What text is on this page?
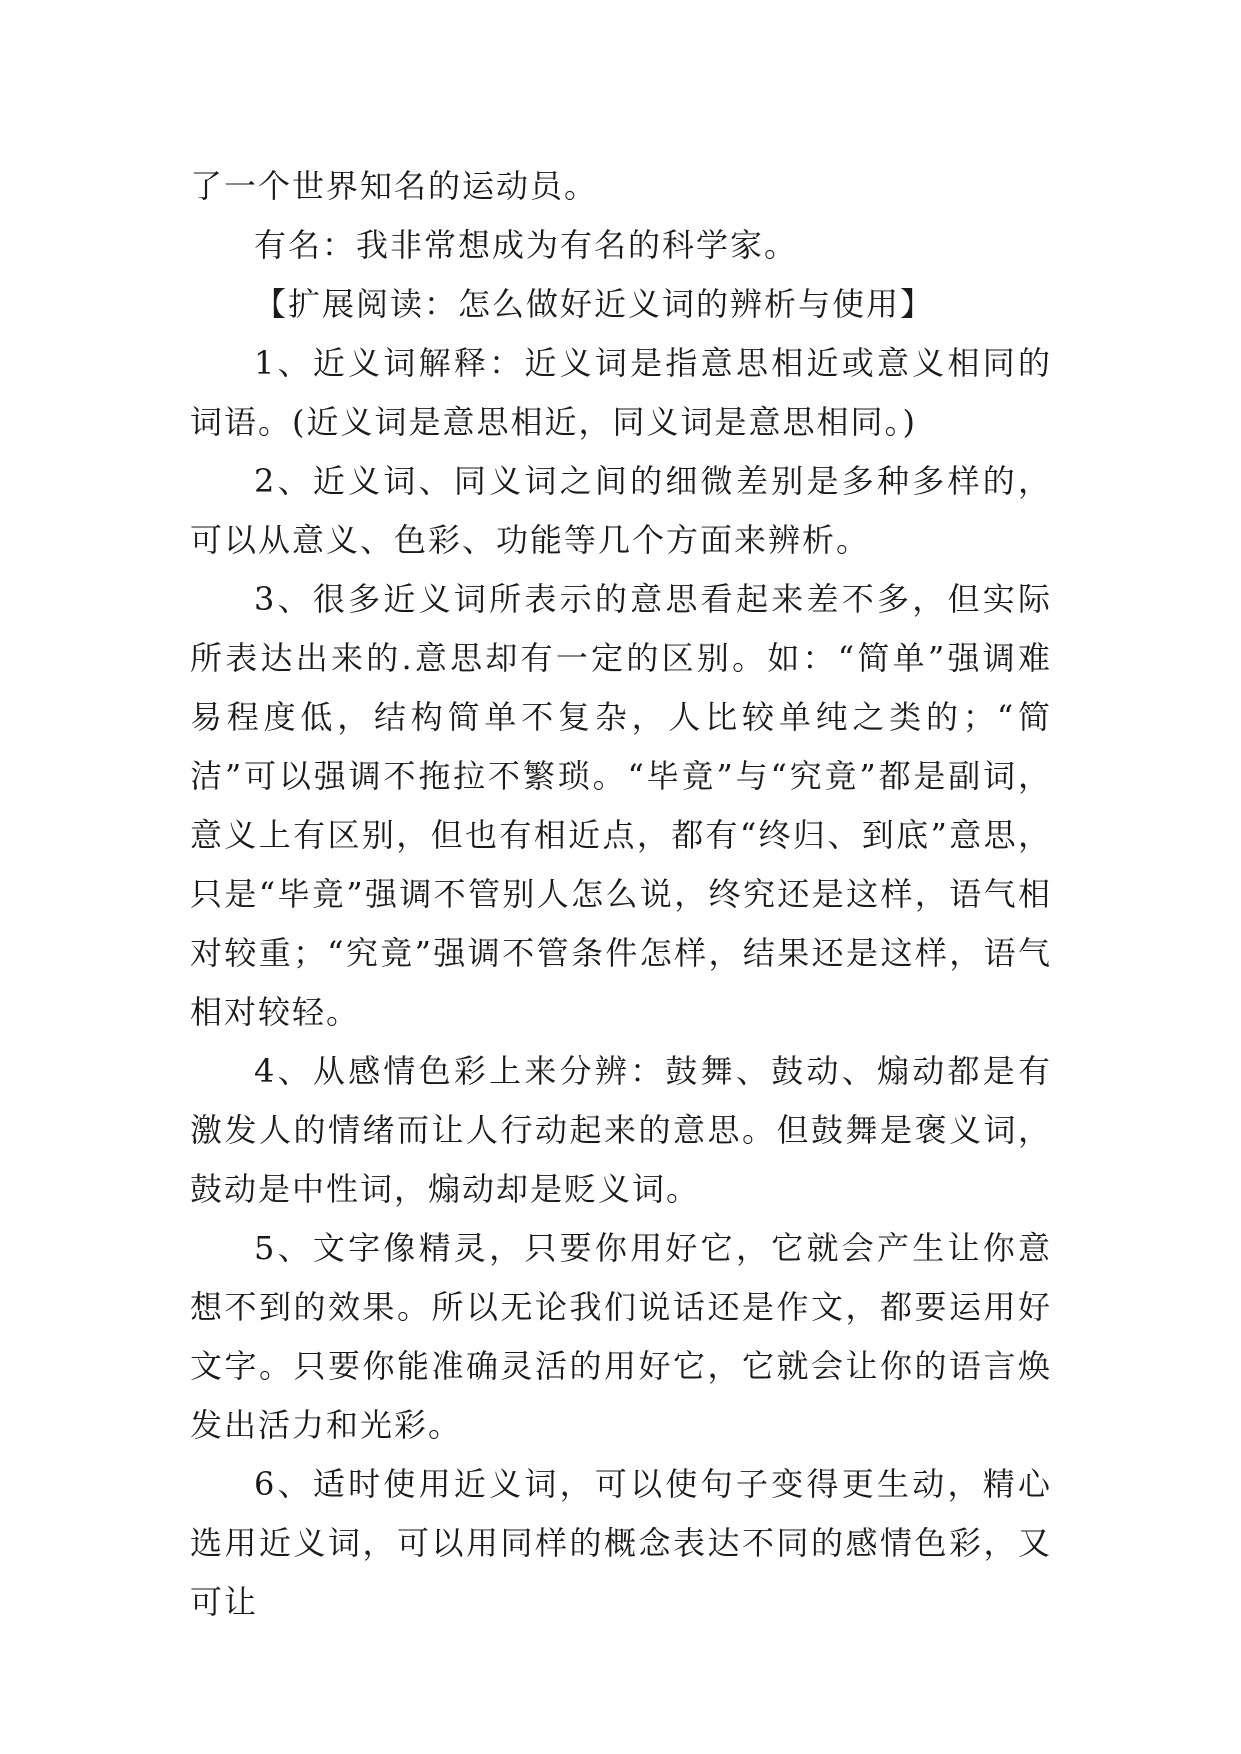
了一个世界知名的运动员。

有名：我非常想成为有名的科学家。

【扩展阅读：怎么做好近义词的辨析与使用】

1、近义词解释：近义词是指意思相近或意义相同的词语。(近义词是意思相近，同义词是意思相同。)

2、近义词、同义词之间的细微差别是多种多样的，可以从意义、色彩、功能等几个方面来辨析。

3、很多近义词所表示的意思看起来差不多，但实际所表达出来的.意思却有一定的区别。如：“简单”强调难易程度低，结构简单不复杂，人比较单纯之类的；“简洁”可以强调不拖拉不繁琐。“毕竟”与“究竟”都是副词，意义上有区别，但也有相近点，都有“终归、到底”意思，只是“毕竟”强调不管别人怎么说，终究还是这样，语气相对较重；“究竟”强调不管条件怎样，结果还是这样，语气相对较轻。

4、从感情色彩上来分辨：鼓舞、鼓动、煽动都是有激发人的情绪而让人行动起来的意思。但鼓舞是褒义词，鼓动是中性词，煽动却是贬义词。

5、文字像精灵，只要你用好它，它就会产生让你意想不到的效果。所以无论我们说话还是作文，都要运用好文字。只要你能准确灵活的用好它，它就会让你的语言焕发出活力和光彩。

6、适时使用近义词，可以使句子变得更生动，精心选用近义词，可以用同样的概念表达不同的感情色彩，又可让
